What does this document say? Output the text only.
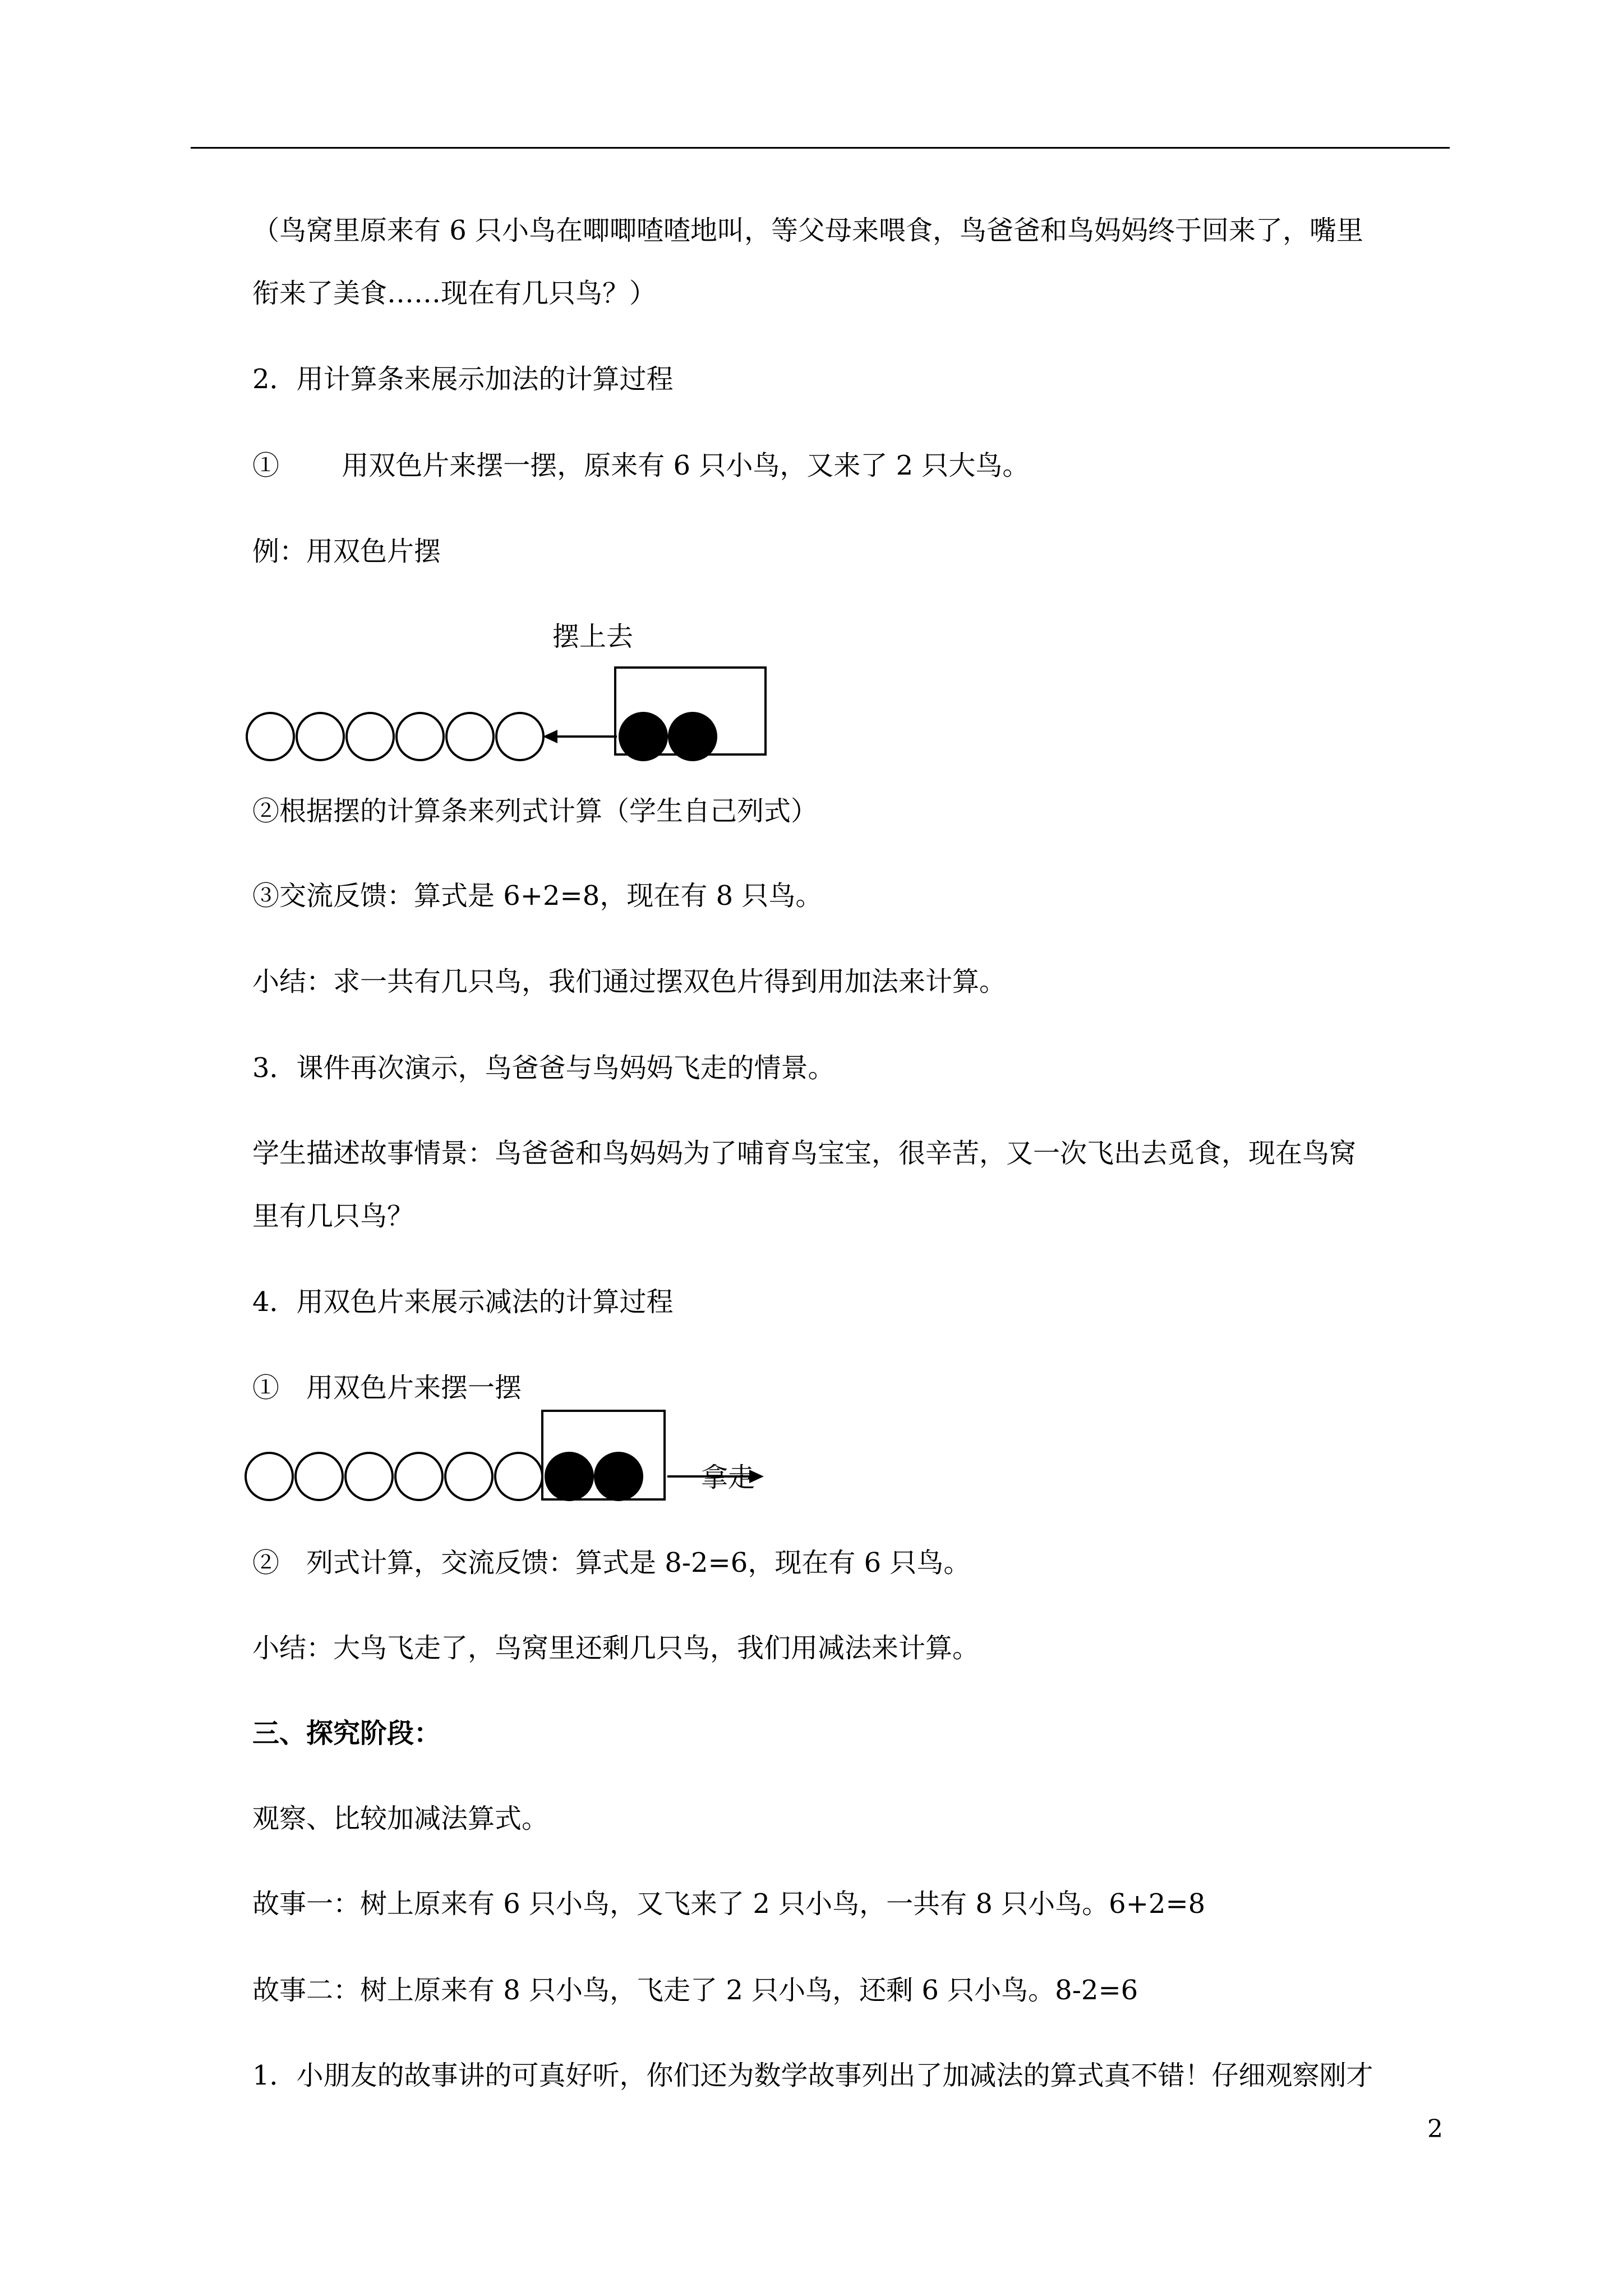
（鸟窝里原来有 6 只小鸟在唧唧喳喳地叫，等父母来喂食，鸟爸爸和鸟妈妈终于回来了，嘴里
衔来了美食……现在有几只鸟？）
2．用计算条来展示加法的计算过程
①　　 用双色片来摆一摆，原来有 6 只小鸟，又来了 2 只大鸟。
例：用双色片摆
②根据摆的计算条来列式计算（学生自己列式）
③交流反馈：算式是 6+2=8，现在有 8 只鸟。
小结：求一共有几只鸟，我们通过摆双色片得到用加法来计算。
3．课件再次演示，鸟爸爸与鸟妈妈飞走的情景。
学生描述故事情景：鸟爸爸和鸟妈妈为了哺育鸟宝宝，很辛苦，又一次飞出去觅食，现在鸟窝
里有几只鸟？
4．用双色片来展示减法的计算过程
①　用双色片来摆一摆
②　列式计算，交流反馈：算式是 8-2=6，现在有 6 只鸟。
小结：大鸟飞走了，鸟窝里还剩几只鸟，我们用减法来计算。
三、探究阶段：
观察、比较加减法算式。
故事一：树上原来有 6 只小鸟，又飞来了 2 只小鸟，一共有 8 只小鸟。6+2=8
故事二：树上原来有 8 只小鸟，飞走了 2 只小鸟，还剩 6 只小鸟。8-2=6
1．小朋友的故事讲的可真好听，你们还为数学故事列出了加减法的算式真不错！仔细观察刚才
摆上去
拿走
2
